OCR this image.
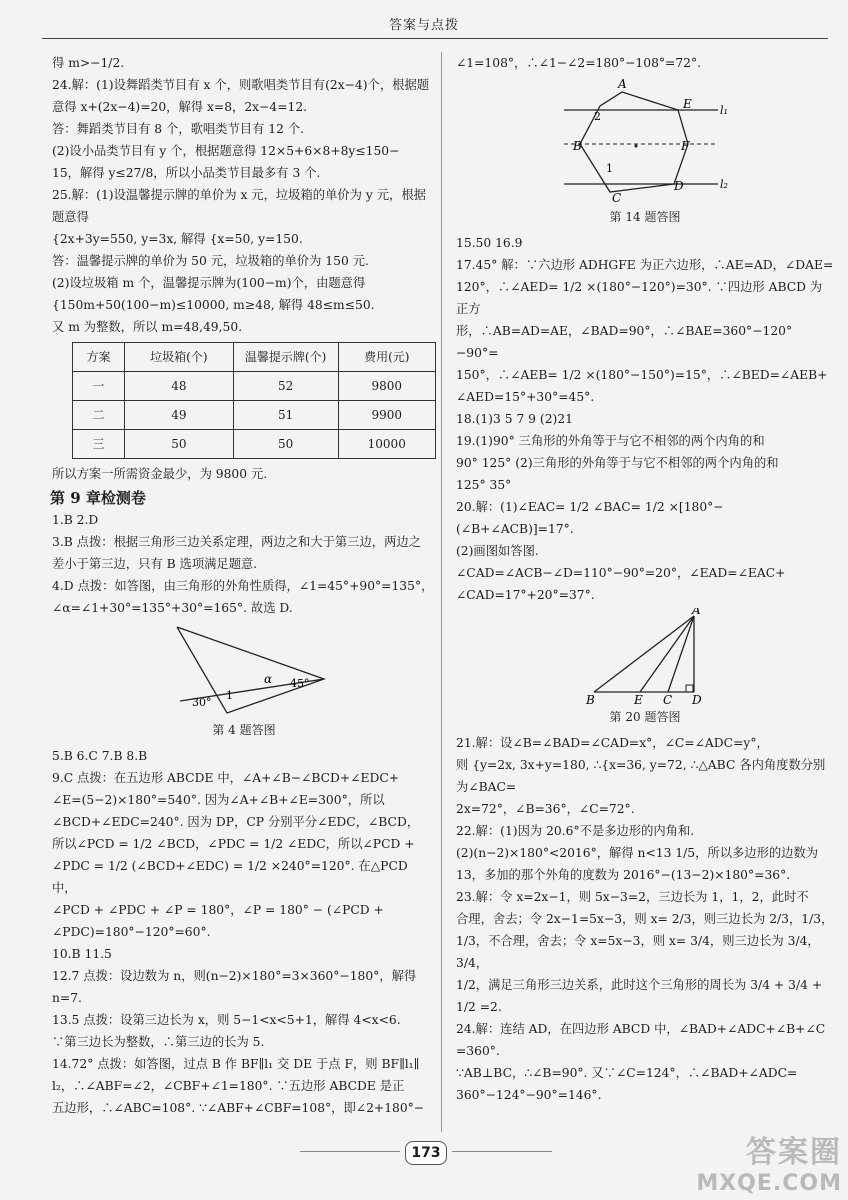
答案与点拨

得 m>−1/2.

24.解：(1)设舞蹈类节目有 x 个，则歌唱类节目有(2x−4)个，根据题

意得 x+(2x−4)=20，解得 x=8，2x−4=12.

答：舞蹈类节目有 8 个，歌唱类节目有 12 个.

(2)设小品类节目有 y 个，根据题意得 12×5+6×8+8y≤150−

15，解得 y≤27/8，所以小品类节目最多有 3 个.

25.解：(1)设温馨提示牌的单价为 x 元，垃圾箱的单价为 y 元，根据

题意得

{2x+3y=550, y=3x, 解得 {x=50, y=150.

答：温馨提示牌的单价为 50 元，垃圾箱的单价为 150 元.

(2)设垃圾箱 m 个，温馨提示牌为(100−m)个，由题意得

{150m+50(100−m)≤10000, m≥48, 解得 48≤m≤50.

又 m 为整数，所以 m=48,49,50.

方案	垃圾箱(个)	温馨提示牌(个)	费用(元)
一	48	52	9800
二	49	51	9900
三	50	50	10000

所以方案一所需资金最少，为 9800 元.

第 9 章检测卷

1.B 2.D

3.B 点拨：根据三角形三边关系定理，两边之和大于第三边，两边之

差小于第三边，只有 B 选项满足题意.

4.D 点拨：如答图，由三角形的外角性质得，∠1=45°+90°=135°，

∠α=∠1+30°=135°+30°=165°. 故选 D.

α 45°
1
30°

第 4 题答图

5.B 6.C 7.B 8.B

9.C 点拨：在五边形 ABCDE 中，∠A+∠B−∠BCD+∠EDC+

∠E=(5−2)×180°=540°. 因为∠A+∠B+∠E=300°，所以

∠BCD+∠EDC=240°. 因为 DP，CP 分别平分∠EDC，∠BCD，

所以∠PCD = 1/2 ∠BCD，∠PDC = 1/2 ∠EDC，所以∠PCD +

∠PDC = 1/2 (∠BCD+∠EDC) = 1/2 ×240°=120°. 在△PCD 中，

∠PCD + ∠PDC + ∠P = 180°，∠P = 180° − (∠PCD +

∠PDC)=180°−120°=60°.

10.B 11.5

12.7 点拨：设边数为 n，则(n−2)×180°=3×360°−180°，解得 n=7.

13.5 点拨：设第三边长为 x，则 5−1<x<5+1，解得 4<x<6.

∵第三边长为整数，∴第三边的长为 5.

14.72° 点拨：如答图，过点 B 作 BF∥l₁ 交 DE 于点 F，则 BF∥l₁∥

l₂，∴∠ABF=∠2，∠CBF+∠1=180°. ∵五边形 ABCDE 是正

五边形，∴∠ABC=108°. ∵∠ABF+∠CBF=108°，即∠2+180°−

∠1=108°，∴∠1−∠2=180°−108°=72°.

A
E
B	F
C
D
l₁
l₂
1
2

第 14 题答图

15.50 16.9

17.45° 解：∵六边形 ADHGFE 为正六边形，∴AE=AD，∠DAE=

120°，∴∠AED= 1/2 ×(180°−120°)=30°. ∵四边形 ABCD 为正方

形，∴AB=AD=AE，∠BAD=90°，∴∠BAE=360°−120°−90°=

150°，∴∠AEB= 1/2 ×(180°−150°)=15°，∴∠BED=∠AEB+

∠AED=15°+30°=45°.

18.(1)3 5 7 9 (2)21

19.(1)90° 三角形的外角等于与它不相邻的两个内角的和

90° 125° (2)三角形的外角等于与它不相邻的两个内角的和

125° 35°

20.解：(1)∠EAC= 1/2 ∠BAC= 1/2 ×[180°−(∠B+∠ACB)]=17°.

(2)画图如答图.

∠CAD=∠ACB−∠D=110°−90°=20°，∠EAD=∠EAC+

∠CAD=17°+20°=37°.

A
B	E C D

第 20 题答图

21.解：设∠B=∠BAD=∠CAD=x°，∠C=∠ADC=y°，

则 {y=2x, 3x+y=180, ∴{x=36, y=72, ∴△ABC 各内角度数分别为∠BAC=

2x=72°，∠B=36°，∠C=72°.

22.解：(1)因为 20.6°不是多边形的内角和.

(2)(n−2)×180°<2016°，解得 n<13 1/5，所以多边形的边数为

13，多加的那个外角的度数为 2016°−(13−2)×180°=36°.

23.解：令 x=2x−1，则 5x−3=2，三边长为 1，1，2，此时不

合理，舍去；令 2x−1=5x−3，则 x= 2/3，则三边长为 2/3，1/3，

1/3，不合理，舍去；令 x=5x−3，则 x= 3/4，则三边长为 3/4，3/4，

1/2，满足三角形三边关系，此时这个三角形的周长为 3/4 + 3/4 +

1/2 =2.

24.解：连结 AD，在四边形 ABCD 中，∠BAD+∠ADC+∠B+∠C

=360°.

∵AB⊥BC，∴∠B=90°. 又∵∠C=124°，∴∠BAD+∠ADC=

360°−124°−90°=146°.

173	答案圈
MXQE.COM
